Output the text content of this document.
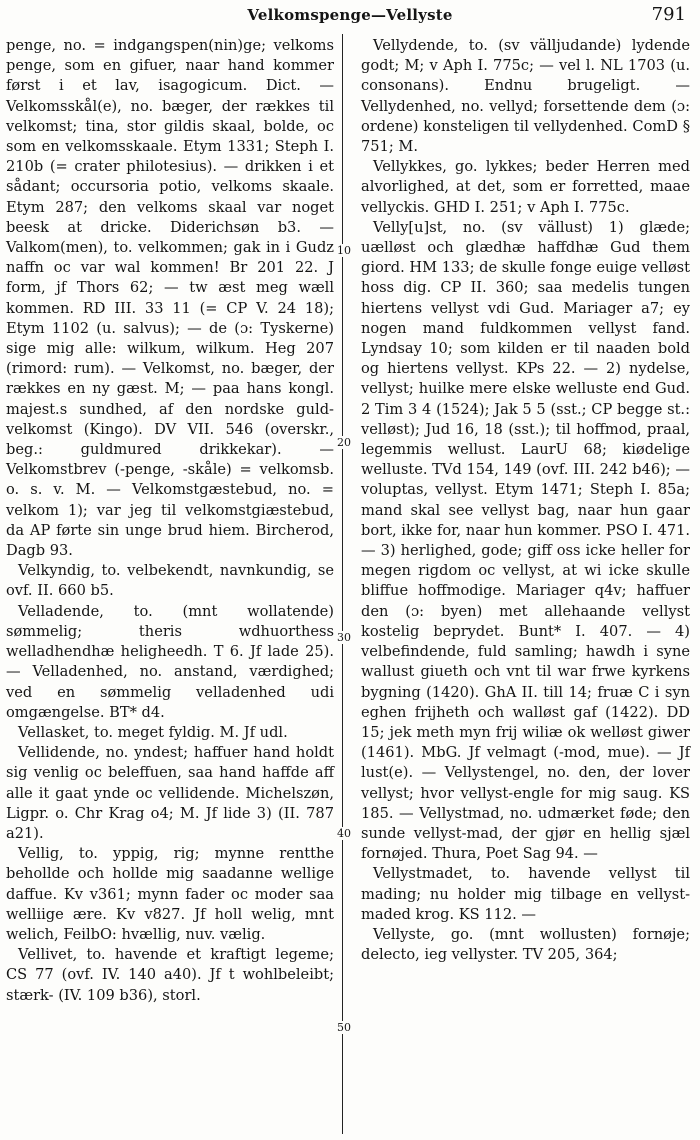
Velkomspenge—Vellyste	791
10
20
30
40
50

penge, no. = indgangspen(nin)ge; velkoms penge, som en gifuer, naar hand kommer først i et lav, isagogicum. Dict. — Velkomsskål(e), no. bæger, der rækkes til velkomst; tina, stor gildis skaal, bolde, oc som en velkomsskaale. Etym 1331; Steph I. 210b (= crater philotesius). — drikken i et sådant; occursoria potio, velkoms skaale. Etym 287; den velkoms skaal var noget beesk at dricke. Diderichsøn b3. — Valkom(men), to. velkommen; gak in i Gudz naffn oc var wal kommen! Br 201 22. J form, jf Thors 62; — tw æst meg wæll kommen. RD III. 33 11 (= CP V. 24 18); Etym 1102 (u. salvus); — de (ɔ: Tyskerne) sige mig alle: wilkum, wilkum. Heg 207 (rimord: rum). — Velkomst, no. bæger, der rækkes en ny gæst. M; — paa hans kongl. majest.s sundhed, af den nordske guld-velkomst (Kingo). DV VII. 546 (overskr., beg.: guldmured drikkekar). — Velkomstbrev (-penge, -skåle) = velkomsb. o. s. v. M. — Velkomstgæstebud, no. = velkom 1); var jeg til velkomstgiæstebud, da AP førte sin unge brud hiem. Bircherod, Dagb 93.

Velkyndig, to. velbekendt, navnkundig, se ovf. II. 660 b5.

Velladende, to. (mnt wollatende) sømmelig; theris wdhuorthess welladhendhæ heligheedh. T 6. Jf lade 25). — Velladenhed, no. anstand, værdighed; ved en sømmelig velladenhed udi omgængelse. BT* d4.

Vellasket, to. meget fyldig. M. Jf udl.

Vellidende, no. yndest; haffuer hand holdt sig venlig oc beleffuen, saa hand haffde aff alle it gaat ynde oc vellidende. Michelszøn, Ligpr. o. Chr Krag o4; M. Jf lide 3) (II. 787 a21).

Vellig, to. yppig, rig; mynne rentthe behollde och hollde mig saadanne wellige daffue. Kv v361; mynn fader oc moder saa welliige ære. Kv v827. Jf holl welig, mnt welich, FeilbO: hvællig, nuv. vælig.

Vellivet, to. havende et kraftigt legeme; CS 77 (ovf. IV. 140 a40). Jf t wohlbeleibt; stærk- (IV. 109 b36), storl.

Vellydende, to. (sv välljudande) lydende godt; M; v Aph I. 775c; — vel l. NL 1703 (u. consonans). Endnu brugeligt. — Vellydenhed, no. vellyd; forsettende dem (ɔ: ordene) konsteligen til vellydenhed. ComD § 751; M.

Vellykkes, go. lykkes; beder Herren med alvorlighed, at det, som er forretted, maae vellyckis. GHD I. 251; v Aph I. 775c.

Velly[u]st, no. (sv vällust) 1) glæde; uælløst och glædhæ haffdhæ Gud them giord. HM 133; de skulle fonge euige velløst hoss dig. CP II. 360; saa medelis tungen hiertens vellyst vdi Gud. Mariager a7; ey nogen mand fuldkommen vellyst fand. Lyndsay 10; som kilden er til naaden bold og hiertens vellyst. KPs 22. — 2) nydelse, vellyst; huilke mere elske welluste end Gud. 2 Tim 3 4 (1524); Jak 5 5 (sst.; CP begge st.: velløst); Jud 16, 18 (sst.); til hoffmod, praal, legemmis wellust. LaurU 68; kiødelige welluste. TVd 154, 149 (ovf. III. 242 b46); — voluptas, vellyst. Etym 1471; Steph I. 85a; mand skal see vellyst bag, naar hun gaar bort, ikke for, naar hun kommer. PSO I. 471. — 3) herlighed, gode; giff oss icke heller for megen rigdom oc vellyst, at wi icke skulle bliffue hoffmodige. Mariager q4v; haffuer den (ɔ: byen) met allehaande vellyst kostelig beprydet. Bunt* I. 407. — 4) velbefindende, fuld samling; hawdh i syne wallust giueth och vnt til war frwe kyrkens bygning (1420). GhA II. till 14; fruæ C i syn eghen frijheth och walløst gaf (1422). DD 15; jek meth myn frij wiliæ ok welløst giwer (1461). MbG. Jf velmagt (-mod, mue). — Jf lust(e). — Vellystengel, no. den, der lover vellyst; hvor vellyst-engle for mig saug. KS 185. — Vellystmad, no. udmærket føde; den sunde vellyst-mad, der gjør en hellig sjæl fornøjed. Thura, Poet Sag 94. —

Vellystmadet, to. havende vellyst til mading; nu holder mig tilbage en vellyst-maded krog. KS 112. —

Vellyste, go. (mnt wollusten) fornøje; delecto, ieg vellyster. TV 205, 364;
